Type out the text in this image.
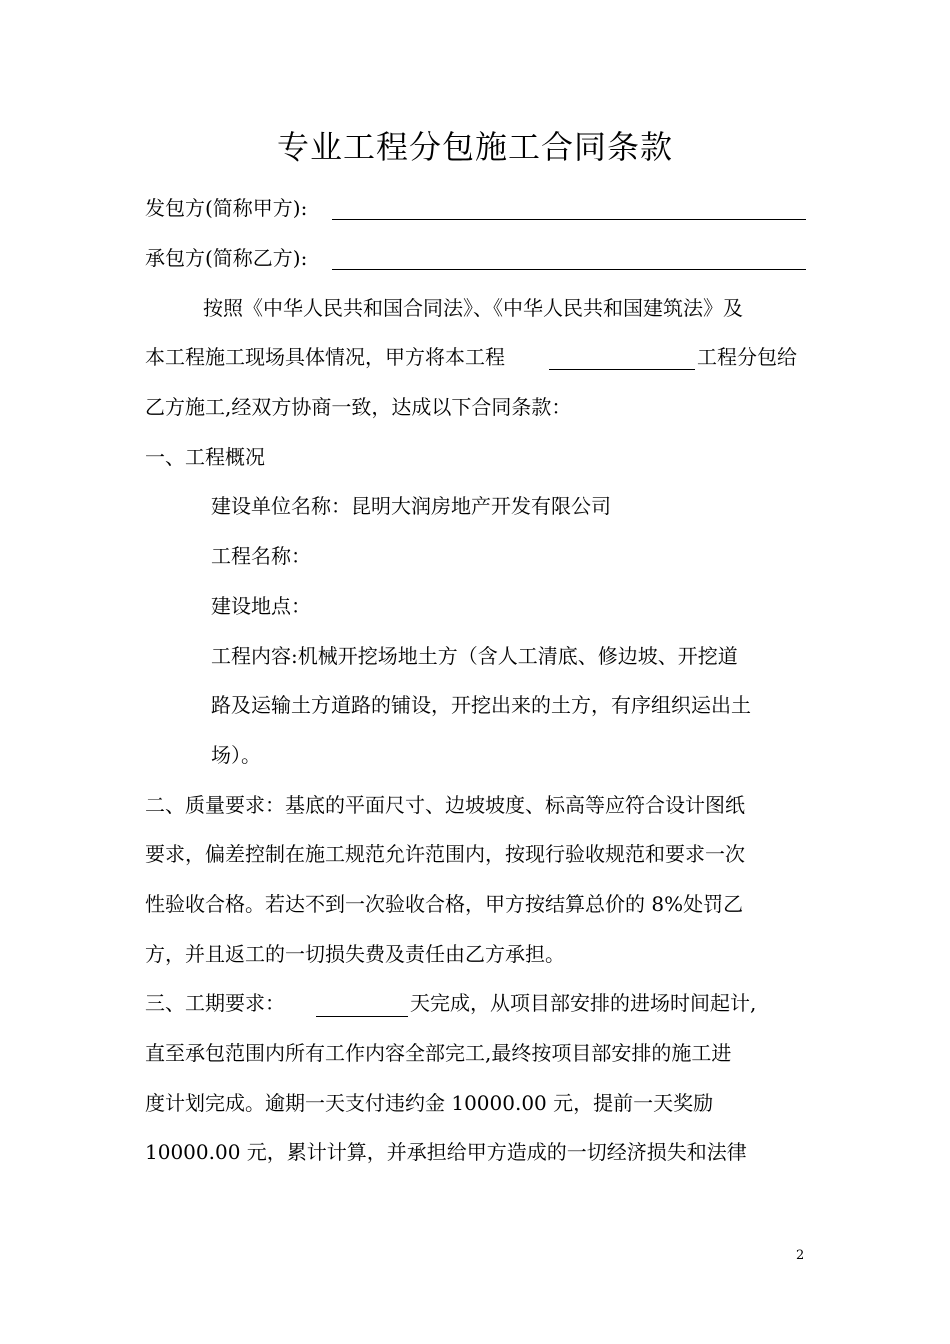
专业工程分包施工合同条款

发包方(简称甲方):

承包方(简称乙方):

按照《中华人民共和国合同法》、《中华人民共和国建筑法》及

本工程施工现场具体情况，甲方将本工程	工程分包给

乙方施工,经双方协商一致，达成以下合同条款：

一、工程概况

建设单位名称：昆明大润房地产开发有限公司

工程名称：

建设地点：

工程内容:机械开挖场地土方（含人工清底、修边坡、开挖道

路及运输土方道路的铺设，开挖出来的土方，有序组织运出土

场）。

二、质量要求：基底的平面尺寸、边坡坡度、标高等应符合设计图纸

要求，偏差控制在施工规范允许范围内，按现行验收规范和要求一次

性验收合格。若达不到一次验收合格，甲方按结算总价的 8%处罚乙

方，并且返工的一切损失费及责任由乙方承担。

三、工期要求：	天完成，从项目部安排的进场时间起计,

直至承包范围内所有工作内容全部完工,最终按项目部安排的施工进

度计划完成。逾期一天支付违约金 10000.00 元，提前一天奖励

10000.00 元，累计计算，并承担给甲方造成的一切经济损失和法律

2
